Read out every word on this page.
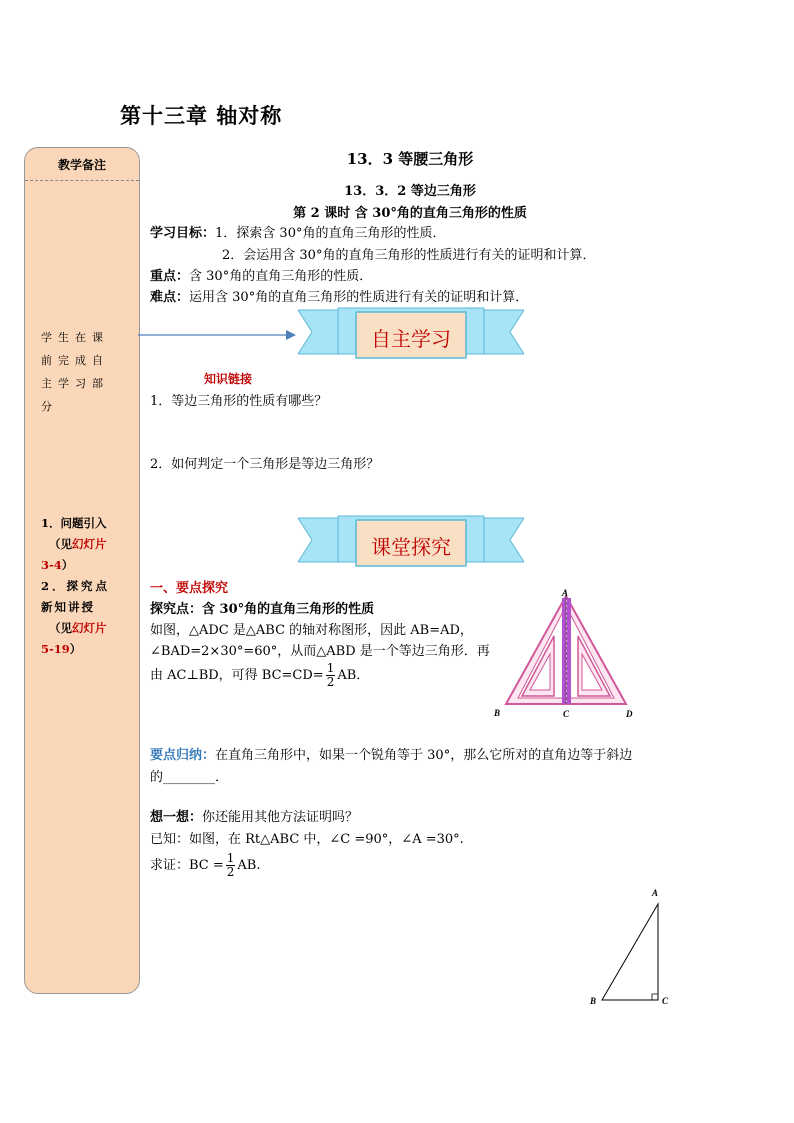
第十三章 轴对称
教学备注
学生在课前完成自主学习部分
1．问题引入
（见幻灯片
3-4）
2．探究点
新知讲授
（见幻灯片
5-19）
13．3 等腰三角形
13．3．2 等边三角形
第 2 课时 含 30°角的直角三角形的性质
学习目标：1．探索含 30°角的直角三角形的性质．
2．会运用含 30°角的直角三角形的性质进行有关的证明和计算．
重点：含 30°角的直角三角形的性质．
难点：运用含 30°角的直角三角形的性质进行有关的证明和计算．
自主学习
知识链接
1．等边三角形的性质有哪些？
2．如何判定一个三角形是等边三角形？
课堂探究
一、要点探究
探究点：含 30°角的直角三角形的性质
如图，△ADC 是△ABC 的轴对称图形，因此 AB=AD，
∠BAD=2×30°=60°，从而△ABD 是一个等边三角形．再
由 AC⊥BD，可得 $BC=CD= \frac{1}{2}$ AB．
A
B	C	D
要点归纳：在直角三角形中，如果一个锐角等于 30°，那么它所对的直角边等于斜边
的________．
想一想：你还能用其他方法证明吗？
已知：如图，在 Rt△ABC 中，∠C =90°，∠A =30°.
求证：BC = $\frac{1}{2}$ AB.
A
B	C
